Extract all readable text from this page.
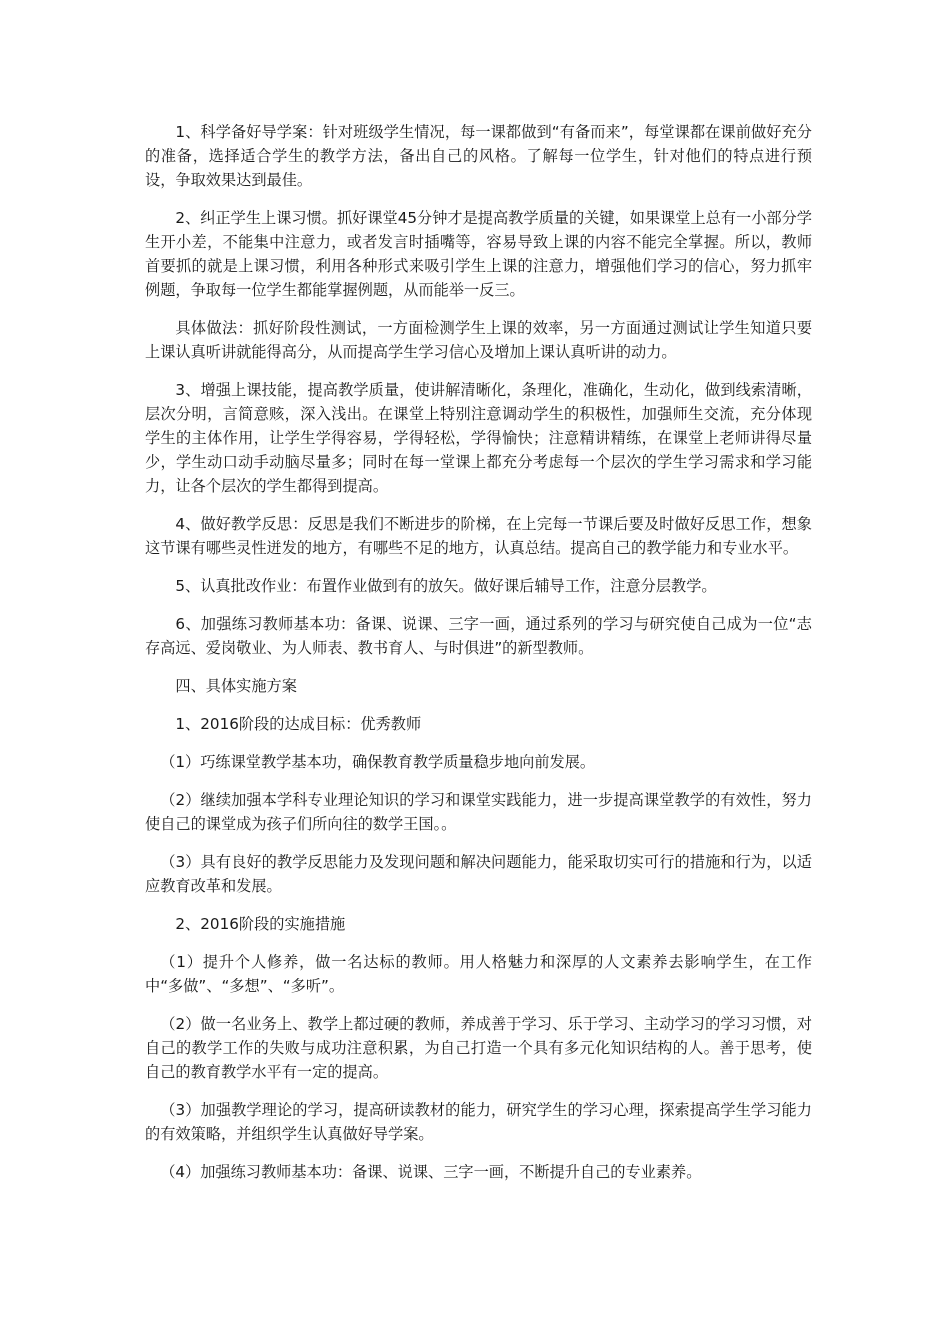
1、科学备好导学案：针对班级学生情况，每一课都做到“有备而来”，每堂课都在课前做好充分的准备，选择适合学生的教学方法，备出自己的风格。了解每一位学生，针对他们的特点进行预设，争取效果达到最佳。

2、纠正学生上课习惯。抓好课堂45分钟才是提高教学质量的关键，如果课堂上总有一小部分学生开小差，不能集中注意力，或者发言时插嘴等，容易导致上课的内容不能完全掌握。所以，教师首要抓的就是上课习惯，利用各种形式来吸引学生上课的注意力，增强他们学习的信心，努力抓牢例题，争取每一位学生都能掌握例题，从而能举一反三。

具体做法：抓好阶段性测试，一方面检测学生上课的效率，另一方面通过测试让学生知道只要上课认真听讲就能得高分，从而提高学生学习信心及增加上课认真听讲的动力。

3、增强上课技能，提高教学质量，使讲解清晰化，条理化，准确化，生动化，做到线索清晰，层次分明，言简意赅，深入浅出。在课堂上特别注意调动学生的积极性，加强师生交流，充分体现学生的主体作用，让学生学得容易，学得轻松，学得愉快；注意精讲精练，在课堂上老师讲得尽量少，学生动口动手动脑尽量多；同时在每一堂课上都充分考虑每一个层次的学生学习需求和学习能力，让各个层次的学生都得到提高。

4、做好教学反思：反思是我们不断进步的阶梯，在上完每一节课后要及时做好反思工作，想象这节课有哪些灵性迸发的地方，有哪些不足的地方，认真总结。提高自己的教学能力和专业水平。

5、认真批改作业：布置作业做到有的放矢。做好课后辅导工作，注意分层教学。

6、加强练习教师基本功：备课、说课、三字一画，通过系列的学习与研究使自己成为一位“志存高远、爱岗敬业、为人师表、教书育人、与时俱进”的新型教师。

四、具体实施方案

1、2016阶段的达成目标：优秀教师

（1）巧练课堂教学基本功，确保教育教学质量稳步地向前发展。

（2）继续加强本学科专业理论知识的学习和课堂实践能力，进一步提高课堂教学的有效性，努力使自己的课堂成为孩子们所向往的数学王国。。

（3）具有良好的教学反思能力及发现问题和解决问题能力，能采取切实可行的措施和行为，以适应教育改革和发展。

2、2016阶段的实施措施

（1）提升个人修养，做一名达标的教师。用人格魅力和深厚的人文素养去影响学生，在工作中“多做”、“多想”、“多听”。

（2）做一名业务上、教学上都过硬的教师，养成善于学习、乐于学习、主动学习的学习习惯，对自己的教学工作的失败与成功注意积累，为自己打造一个具有多元化知识结构的人。善于思考，使自己的教育教学水平有一定的提高。

（3）加强教学理论的学习，提高研读教材的能力，研究学生的学习心理，探索提高学生学习能力的有效策略，并组织学生认真做好导学案。

（4）加强练习教师基本功：备课、说课、三字一画，不断提升自己的专业素养。
